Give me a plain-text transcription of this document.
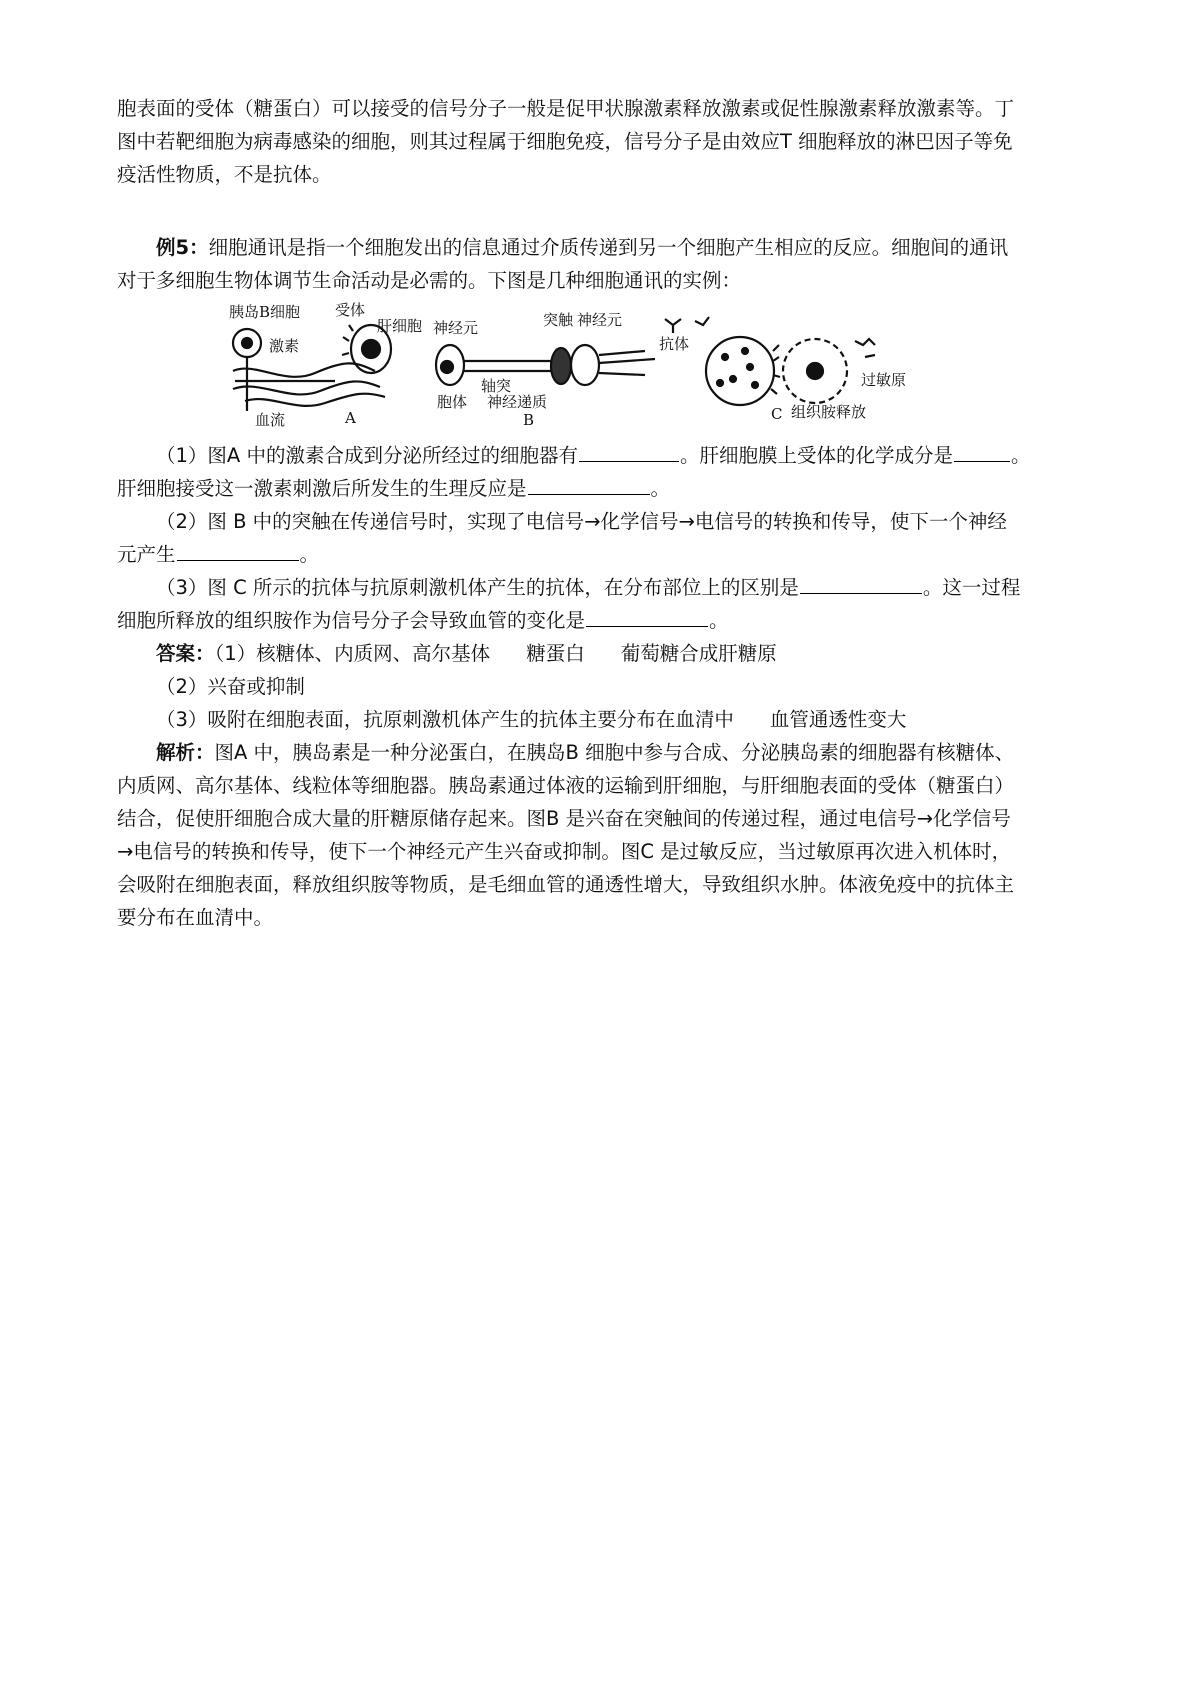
胞表面的受体（糖蛋白）可以接受的信号分子一般是促甲状腺激素释放激素或促性腺激素释放激素等。丁

图中若靶细胞为病毒感染的细胞，则其过程属于细胞免疫，信号分子是由效应T 细胞释放的淋巴因子等免

疫活性物质，不是抗体。

例5：细胞通讯是指一个细胞发出的信息通过介质传递到另一个细胞产生相应的反应。细胞间的通讯

对于多细胞生物体调节生命活动是必需的。下图是几种细胞通讯的实例：

胰岛B细胞 受体
肝细胞
激素
血流	A
神经元	突触 神经元
轴突
胞体 神经递质
B
抗体
过敏原
组织胺释放
C

（1）图A 中的激素合成到分泌所经过的细胞器有	。肝细胞膜上受体的化学成分是	。

肝细胞接受这一激素刺激后所发生的生理反应是	。

（2）图 B 中的突触在传递信号时，实现了电信号→化学信号→电信号的转换和传导，使下一个神经

元产生	。

（3）图 C 所示的抗体与抗原刺激机体产生的抗体，在分布部位上的区别是	。这一过程

细胞所释放的组织胺作为信号分子会导致血管的变化是	。

答案：（1）核糖体、内质网、高尔基体 糖蛋白 葡萄糖合成肝糖原

（2）兴奋或抑制

（3）吸附在细胞表面，抗原刺激机体产生的抗体主要分布在血清中 血管通透性变大

解析：图A 中，胰岛素是一种分泌蛋白，在胰岛B 细胞中参与合成、分泌胰岛素的细胞器有核糖体、

内质网、高尔基体、线粒体等细胞器。胰岛素通过体液的运输到肝细胞，与肝细胞表面的受体（糖蛋白）

结合，促使肝细胞合成大量的肝糖原储存起来。图B 是兴奋在突触间的传递过程，通过电信号→化学信号

→电信号的转换和传导，使下一个神经元产生兴奋或抑制。图C 是过敏反应，当过敏原再次进入机体时，

会吸附在细胞表面，释放组织胺等物质，是毛细血管的通透性增大，导致组织水肿。体液免疫中的抗体主

要分布在血清中。
